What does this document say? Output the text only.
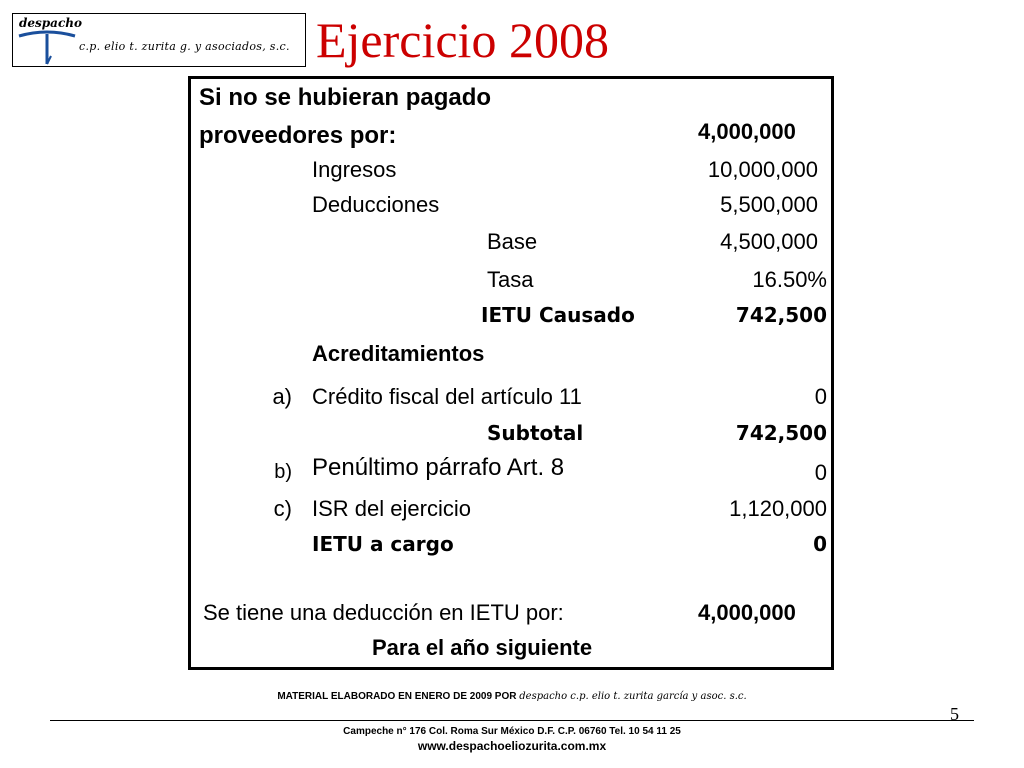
despacho
c.p. elio t. zurita g. y asociados, s.c. Ejercicio 2008
Si no se hubieran pagado
proveedores por:	4,000,000
Ingresos	10,000,000
Deducciones	5,500,000
Base	4,500,000
Tasa	16.50%
IETU Causado	742,500
Acreditamientos
a) Crédito fiscal del artículo 11	0
Subtotal	742,500
b) Penúltimo párrafo Art. 8	0
c) ISR del ejercicio	1,120,000
IETU a cargo	0
Se tiene una deducción en IETU por:	4,000,000
Para el año siguiente
MATERIAL ELABORADO EN ENERO DE 2009 POR despacho c.p. elio t. zurita garcía y asoc. s.c.
5
Campeche n° 176 Col. Roma Sur México D.F. C.P. 06760 Tel. 10 54 11 25
www.despachoeliozurita.com.mx
